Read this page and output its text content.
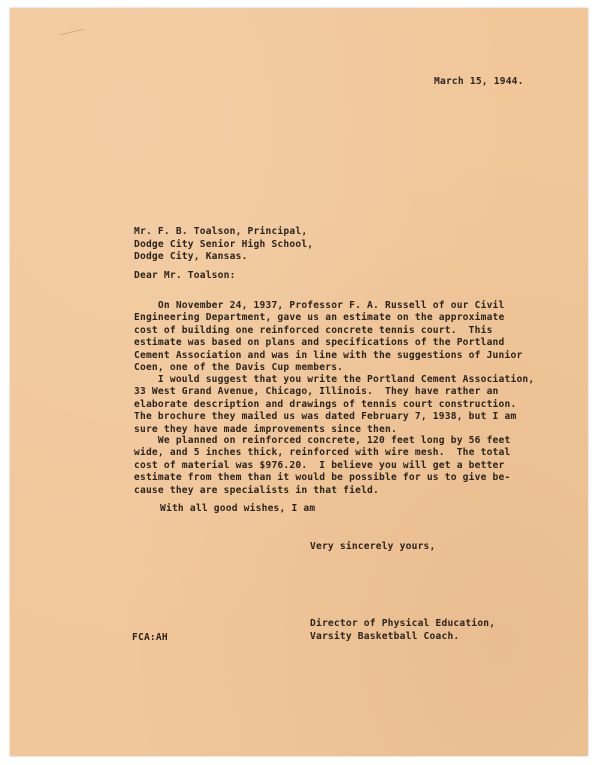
March 15, 1944.
Mr. F. B. Toalson, Principal,
Dodge City Senior High School,
Dodge City, Kansas.
Dear Mr. Toalson:
On November 24, 1937, Professor F. A. Russell of our Civil
Engineering Department, gave us an estimate on the approximate
cost of building one reinforced concrete tennis court.  This
estimate was based on plans and specifications of the Portland
Cement Association and was in line with the suggestions of Junior
Coen, one of the Davis Cup members.
I would suggest that you write the Portland Cement Association,
33 West Grand Avenue, Chicago, Illinois.  They have rather an
elaborate description and drawings of tennis court construction.
The brochure they mailed us was dated February 7, 1938, but I am
sure they have made improvements since then.
We planned on reinforced concrete, 120 feet long by 56 feet
wide, and 5 inches thick, reinforced with wire mesh.  The total
cost of material was $976.20.  I believe you will get a better
estimate from them than it would be possible for us to give be-
cause they are specialists in that field.
With all good wishes, I am
Very sincerely yours,
Director of Physical Education,
Varsity Basketball Coach.
FCA:AH
